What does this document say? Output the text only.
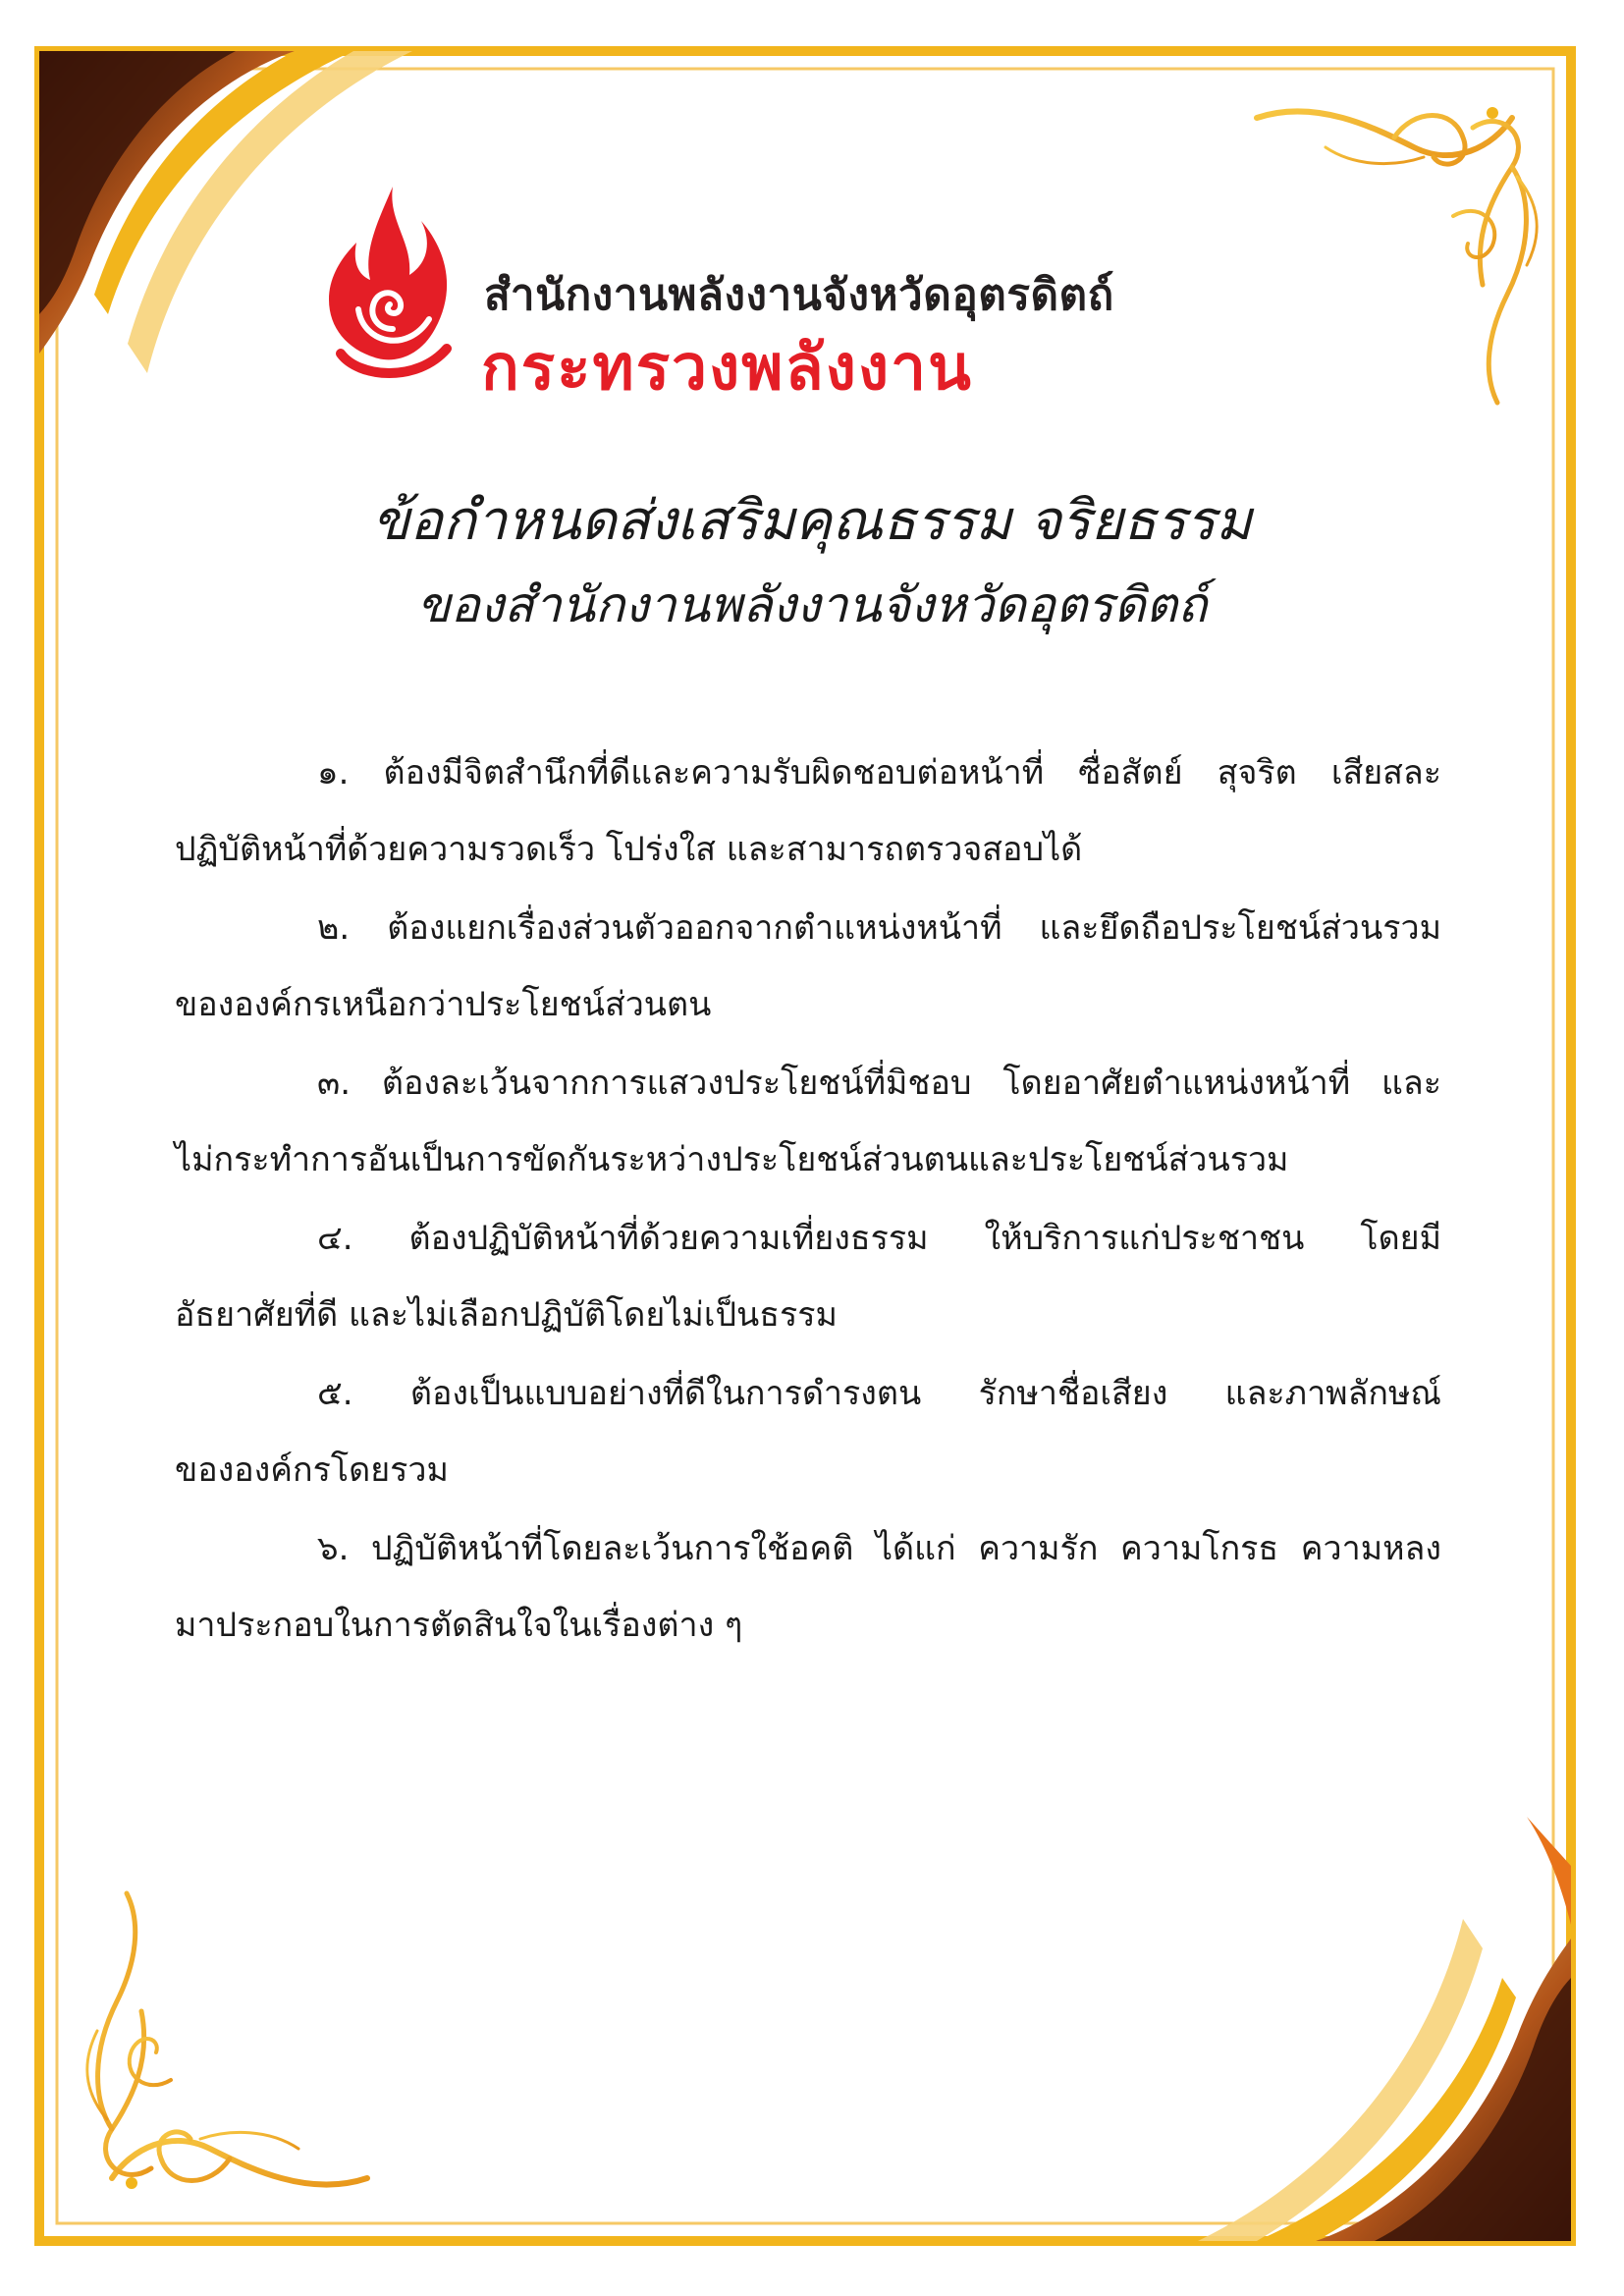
สำนักงานพลังงานจังหวัดอุตรดิตถ์

กระทรวงพลังงาน

ข้อกำหนดส่งเสริมคุณธรรม จริยธรรม
ของสำนักงานพลังงานจังหวัดอุตรดิตถ์
๑. ต้องมีจิตสำนึกที่ดีและความรับผิดชอบต่อหน้าที่ ซื่อสัตย์ สุจริต เสียสละ
ปฏิบัติหน้าที่ด้วยความรวดเร็ว โปร่งใส และสามารถตรวจสอบได้
๒. ต้องแยกเรื่องส่วนตัวออกจากตำแหน่งหน้าที่ และยึดถือประโยชน์ส่วนรวม
ขององค์กรเหนือกว่าประโยชน์ส่วนตน
๓. ต้องละเว้นจากการแสวงประโยชน์ที่มิชอบ โดยอาศัยตำแหน่งหน้าที่ และ
ไม่กระทำการอันเป็นการขัดกันระหว่างประโยชน์ส่วนตนและประโยชน์ส่วนรวม
๔. ต้องปฏิบัติหน้าที่ด้วยความเที่ยงธรรม ให้บริการแก่ประชาชน โดยมี
อัธยาศัยที่ดี และไม่เลือกปฏิบัติโดยไม่เป็นธรรม
๕. ต้องเป็นแบบอย่างที่ดีในการดำรงตน รักษาชื่อเสียง และภาพลักษณ์
ขององค์กรโดยรวม
๖. ปฏิบัติหน้าที่โดยละเว้นการใช้อคติ ได้แก่ ความรัก ความโกรธ ความหลง
มาประกอบในการตัดสินใจในเรื่องต่าง ๆ
